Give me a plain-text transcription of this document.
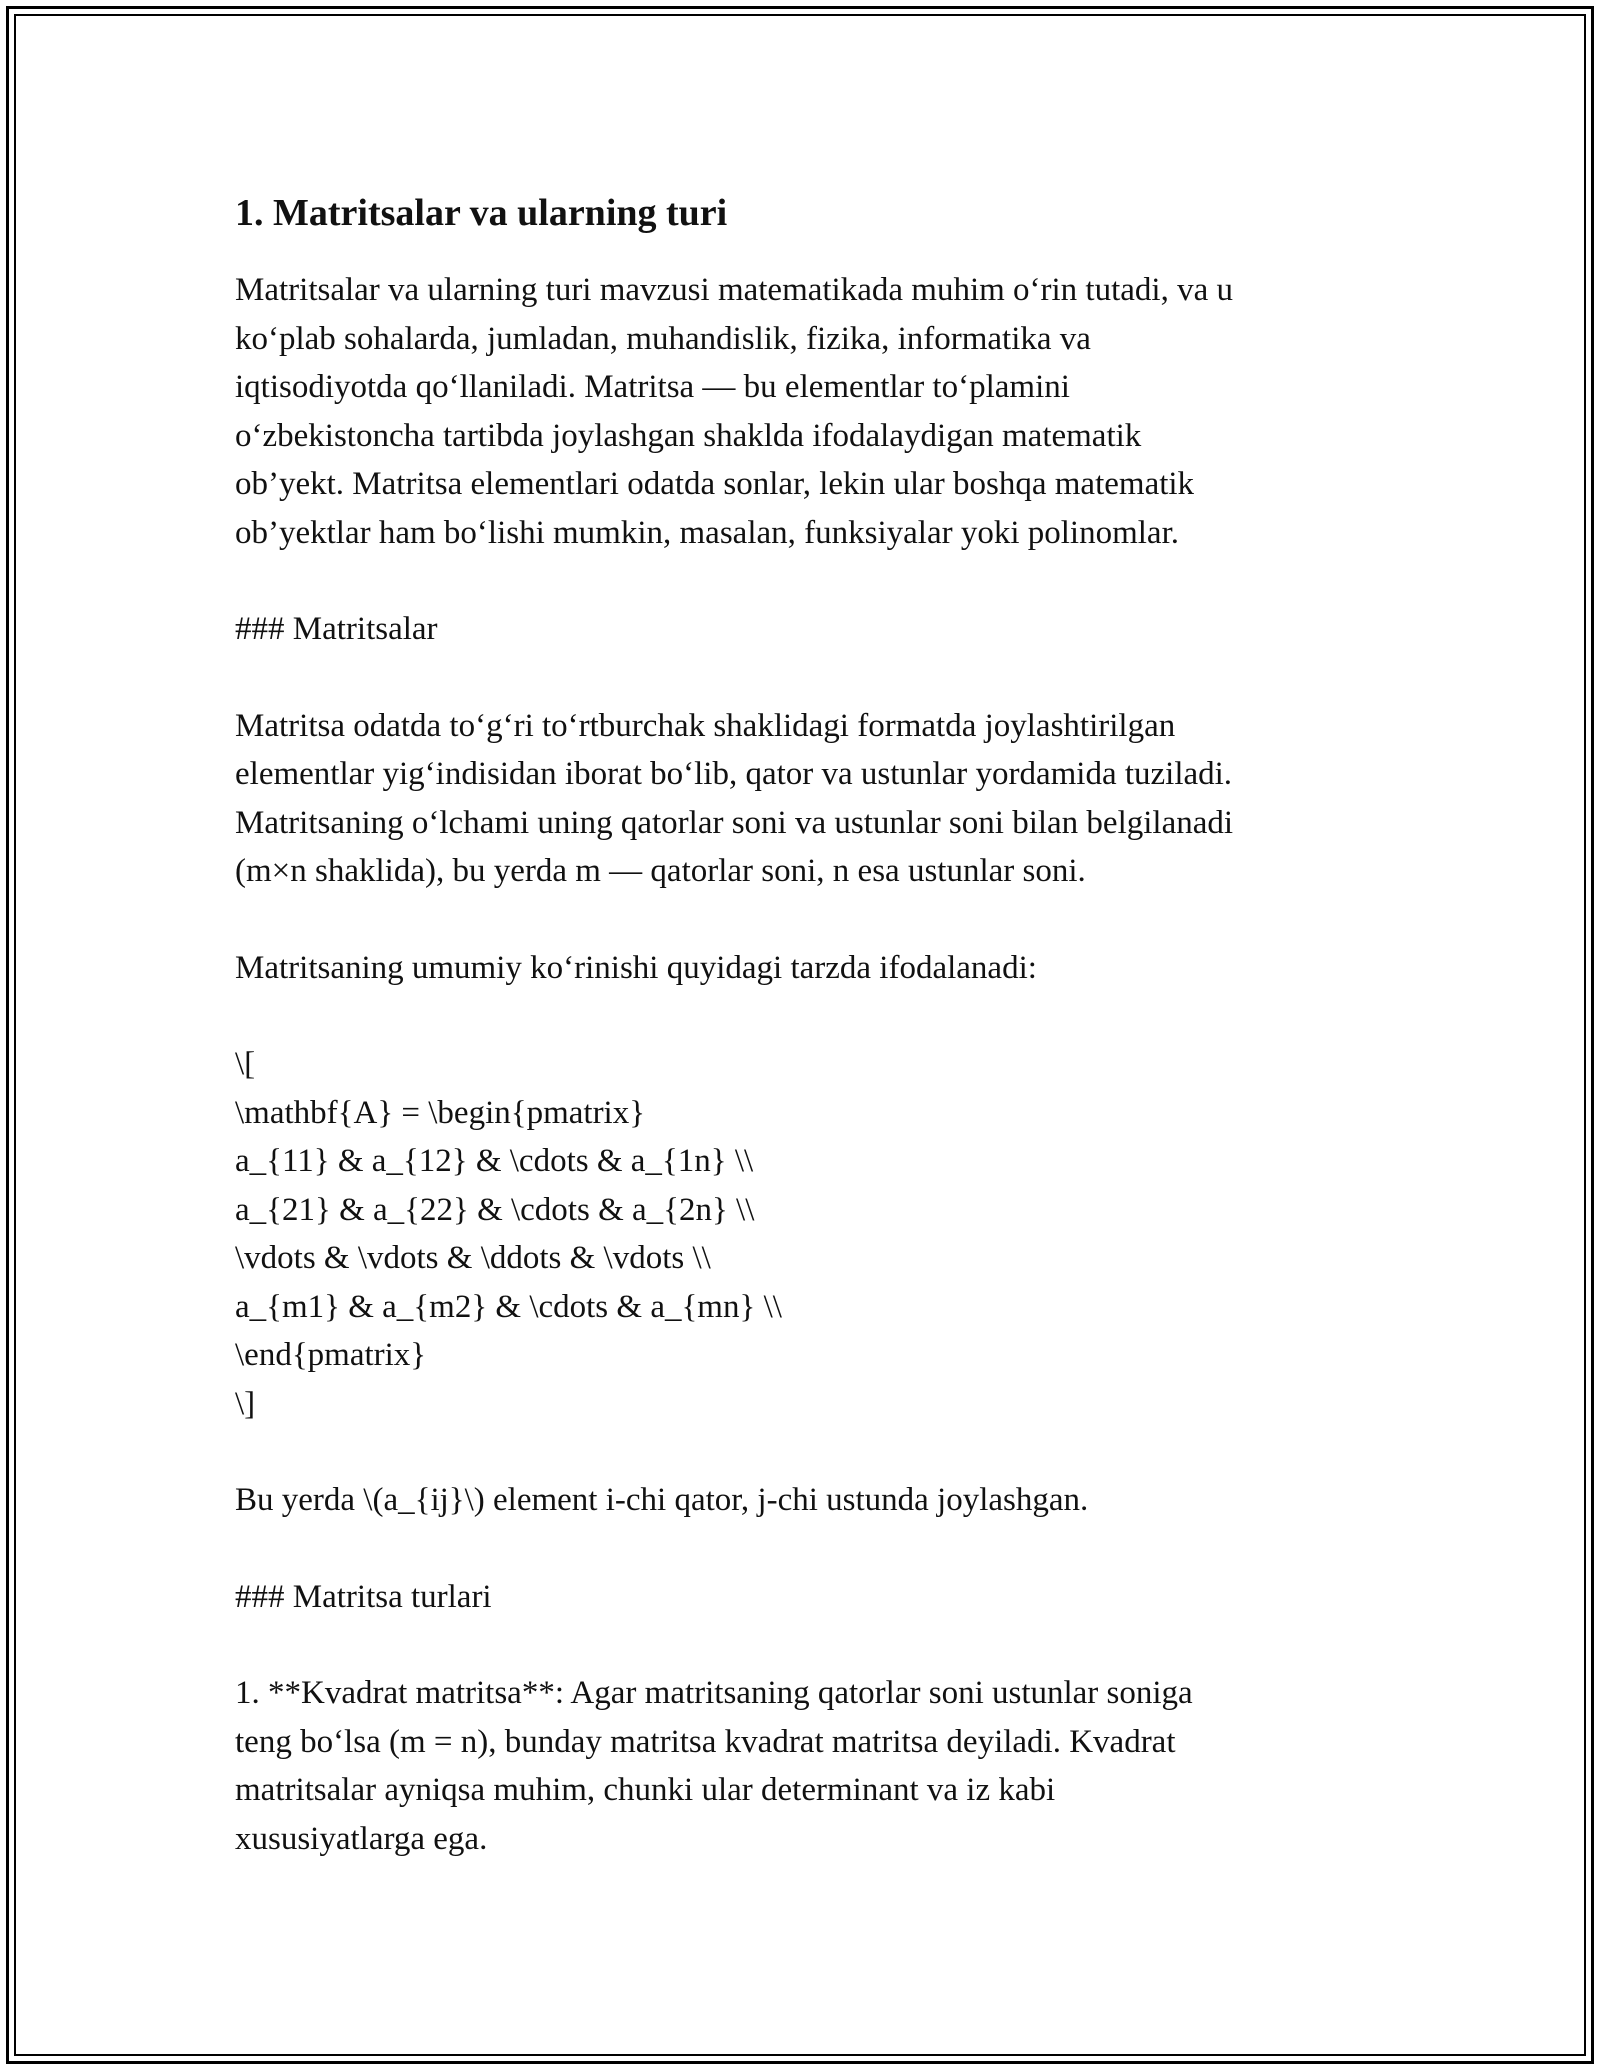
1. Matritsalar va ularning turi

Matritsalar va ularning turi mavzusi matematikada muhim o‘rin tutadi, va u
ko‘plab sohalarda, jumladan, muhandislik, fizika, informatika va
iqtisodiyotda qo‘llaniladi. Matritsa — bu elementlar to‘plamini
o‘zbekistoncha tartibda joylashgan shaklda ifodalaydigan matematik
ob’yekt. Matritsa elementlari odatda sonlar, lekin ular boshqa matematik
ob’yektlar ham bo‘lishi mumkin, masalan, funksiyalar yoki polinomlar.

### Matritsalar

Matritsa odatda to‘g‘ri to‘rtburchak shaklidagi formatda joylashtirilgan
elementlar yig‘indisidan iborat bo‘lib, qator va ustunlar yordamida tuziladi.
Matritsaning o‘lchami uning qatorlar soni va ustunlar soni bilan belgilanadi
(m×n shaklida), bu yerda m — qatorlar soni, n esa ustunlar soni.

Matritsaning umumiy ko‘rinishi quyidagi tarzda ifodalanadi:

\[
\mathbf{A} = \begin{pmatrix}
a_{11} & a_{12} & \cdots & a_{1n} \\
a_{21} & a_{22} & \cdots & a_{2n} \\
\vdots & \vdots & \ddots & \vdots \\
a_{m1} & a_{m2} & \cdots & a_{mn} \\
\end{pmatrix}
\]

Bu yerda \(a_{ij}\) element i-chi qator, j-chi ustunda joylashgan.

### Matritsa turlari

1. **Kvadrat matritsa**: Agar matritsaning qatorlar soni ustunlar soniga
teng bo‘lsa (m = n), bunday matritsa kvadrat matritsa deyiladi. Kvadrat
matritsalar ayniqsa muhim, chunki ular determinant va iz kabi
xususiyatlarga ega.
